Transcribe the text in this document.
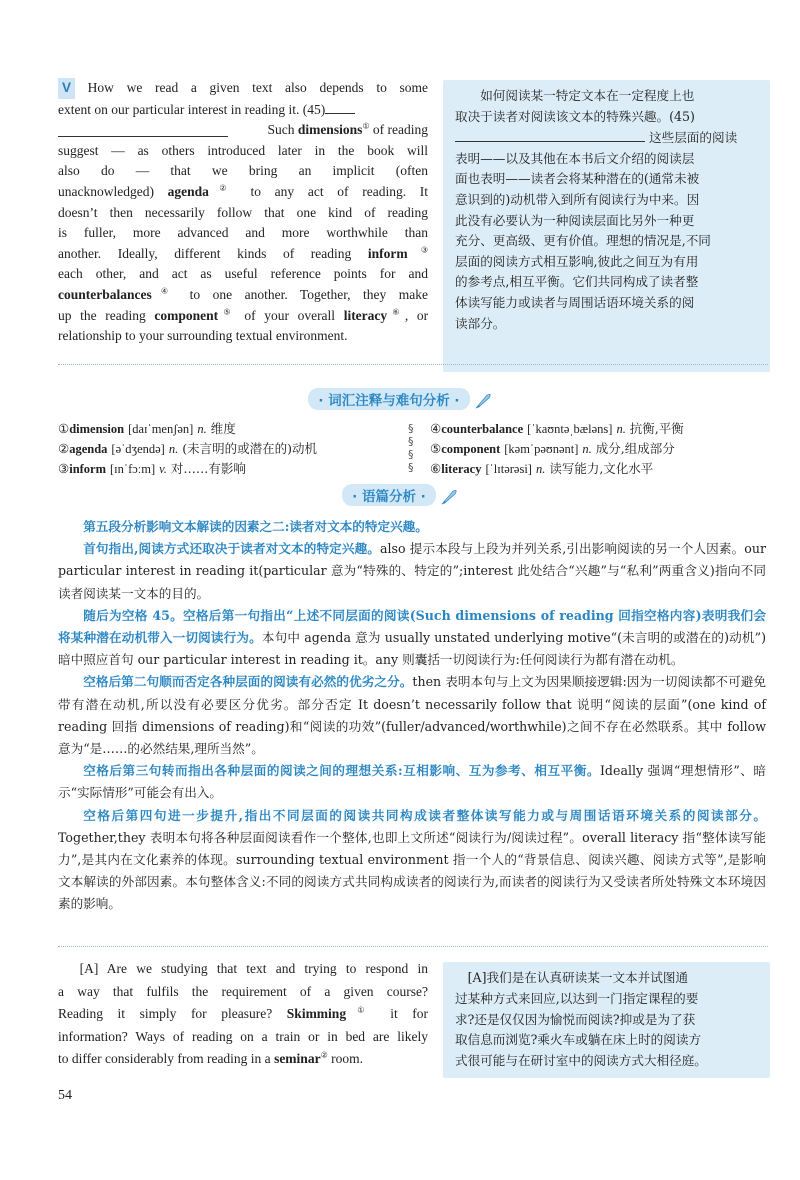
V How we read a given text also depends to some
extent on our particular interest in reading it. (45)
Such dimensions① of reading
suggest — as others introduced later in the book will
also do — that we bring an implicit (often
unacknowledged) agenda② to any act of reading. It
doesn’t then necessarily follow that one kind of reading
is fuller, more advanced and more worthwhile than
another. Ideally, different kinds of reading inform③
each other, and act as useful reference points for and
counterbalances④ to one another. Together, they make
up the reading component⑤ of your overall literacy⑥, or
relationship to your surrounding textual environment.
如何阅读某一特定文本在一定程度上也
取决于读者对阅读该文本的特殊兴趣。(45)
这些层面的阅读
表明——以及其他在本书后文介绍的阅读层
面也表明——读者会将某种潜在的(通常未被
意识到的)动机带入到所有阅读行为中来。因
此没有必要认为一种阅读层面比另外一种更
充分、更高级、更有价值。理想的情况是,不同
层面的阅读方式相互影响,彼此之间互为有用
的参考点,相互平衡。它们共同构成了读者整
体读写能力或读者与周围话语环境关系的阅
读部分。
· 词汇注释与难句分析 ·
①dimension [daɪˈmenʃən] n. 维度
②agenda [əˈdʒendə] n. (未言明的或潜在的)动机
③inform [ɪnˈfɔːm] v. 对……有影响
§
§
§
§
④counterbalance [ˈkaʊntəˌbæləns] n. 抗衡,平衡
⑤component [kəmˈpəʊnənt] n. 成分,组成部分
⑥literacy [ˈlɪtərəsi] n. 读写能力,文化水平
· 语篇分析 ·
第五段分析影响文本解读的因素之二:读者对文本的特定兴趣。
首句指出,阅读方式还取决于读者对文本的特定兴趣。also 提示本段与上段为并列关系,引出影响阅读的另一个人因素。our particular interest in reading it(particular 意为“特殊的、特定的”;interest 此处结合“兴趣”与“私利”两重含义)指向不同读者阅读某一文本的目的。
随后为空格 45。空格后第一句指出“上述不同层面的阅读(Such dimensions of reading 回指空格内容)表明我们会将某种潜在动机带入一切阅读行为。本句中 agenda 意为 usually unstated underlying motive“(未言明的或潜在的)动机”)暗中照应首句 our particular interest in reading it。any 则囊括一切阅读行为:任何阅读行为都有潜在动机。
空格后第二句顺而否定各种层面的阅读有必然的优劣之分。then 表明本句与上文为因果顺接逻辑:因为一切阅读都不可避免带有潜在动机,所以没有必要区分优劣。部分否定 It doesn’t necessarily follow that 说明“阅读的层面”(one kind of reading 回指 dimensions of reading)和“阅读的功效”(fuller/advanced/worthwhile)之间不存在必然联系。其中 follow 意为“是……的必然结果,理所当然”。
空格后第三句转而指出各种层面的阅读之间的理想关系:互相影响、互为参考、相互平衡。Ideally 强调“理想情形”、暗示“实际情形”可能会有出入。
空格后第四句进一步提升,指出不同层面的阅读共同构成读者整体读写能力或与周围话语环境关系的阅读部分。Together,they 表明本句将各种层面阅读看作一个整体,也即上文所述“阅读行为/阅读过程”。overall literacy 指“整体读写能力”,是其内在文化素养的体现。surrounding textual environment 指一个人的“背景信息、阅读兴趣、阅读方式等”,是影响文本解读的外部因素。本句整体含义:不同的阅读方式共同构成读者的阅读行为,而读者的阅读行为又受读者所处特殊文本环境因素的影响。
[A] Are we studying that text and trying to respond in
a way that fulfils the requirement of a given course?
Reading it simply for pleasure? Skimming① it for
information? Ways of reading on a train or in bed are likely
to differ considerably from reading in a seminar② room.
[A]我们是在认真研读某一文本并试图通
过某种方式来回应,以达到一门指定课程的要
求?还是仅仅因为愉悦而阅读?抑或是为了获
取信息而浏览?乘火车或躺在床上时的阅读方
式很可能与在研讨室中的阅读方式大相径庭。
54
